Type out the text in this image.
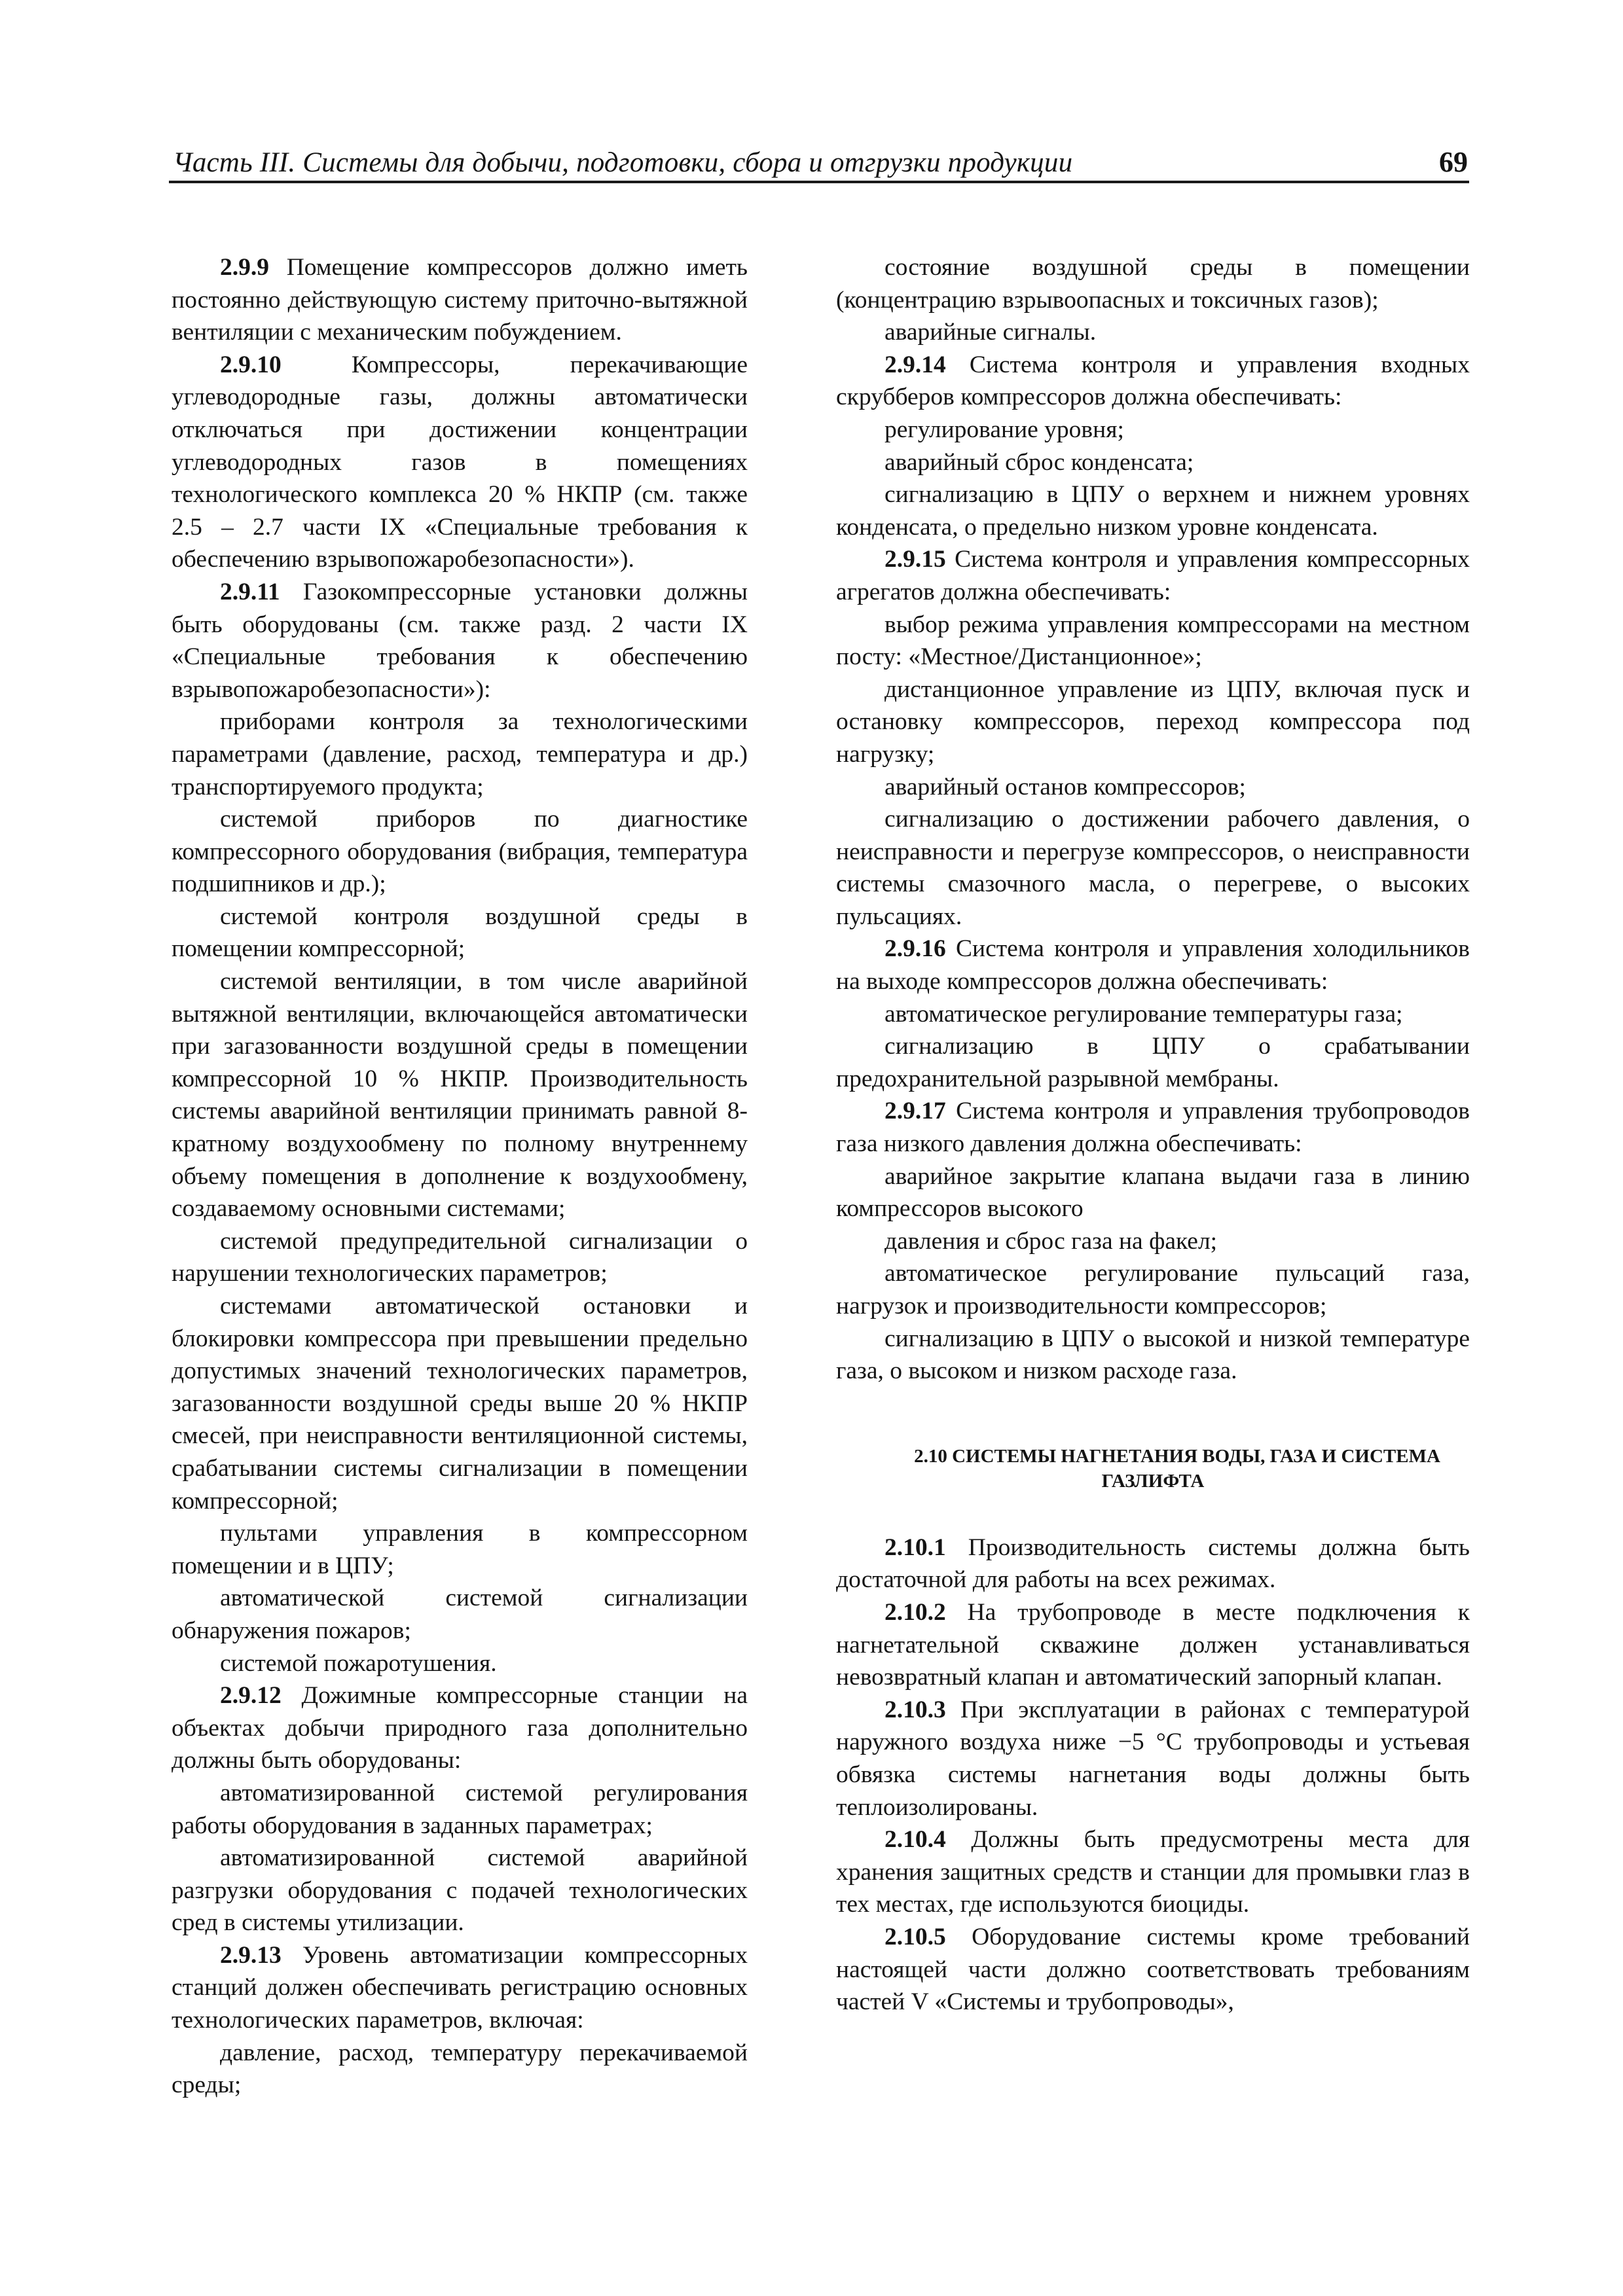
Часть III. Системы для добычи, подготовки, сбора и отгрузки продукции	69

2.9.9 Помещение компрессоров должно иметь постоянно действующую систему приточно-вытяжной вентиляции с механическим побуждением.

2.9.10 Компрессоры, перекачивающие углеводородные газы, должны автоматически отключаться при достижении концентрации углеводородных газов в помещениях технологического комплекса 20 % НКПР (см. также 2.5 – 2.7 части IX «Специальные требования к обеспечению взрывопожаробезопасности»).

2.9.11 Газокомпрессорные установки должны быть оборудованы (см. также разд. 2 части IX «Специальные требования к обеспечению взрывопожаробезопасности»):

приборами контроля за технологическими параметрами (давление, расход, температура и др.) транспортируемого продукта;

системой приборов по диагностике компрессорного оборудования (вибрация, температура подшипников и др.);

системой контроля воздушной среды в помещении компрессорной;

системой вентиляции, в том числе аварийной вытяжной вентиляции, включающейся автоматически при загазованности воздушной среды в помещении компрессорной 10 % НКПР. Производительность системы аварийной вентиляции принимать равной 8-кратному воздухообмену по полному внутреннему объему помещения в дополнение к воздухообмену, создаваемому основными системами;

системой предупредительной сигнализации о нарушении технологических параметров;

системами автоматической остановки и блокировки компрессора при превышении предельно допустимых значений технологических параметров, загазованности воздушной среды выше 20 % НКПР смесей, при неисправности вентиляционной системы, срабатывании системы сигнализации в помещении компрессорной;

пультами управления в компрессорном помещении и в ЦПУ;

автоматической системой сигнализации обнаружения пожаров;

системой пожаротушения.

2.9.12 Дожимные компрессорные станции на объектах добычи природного газа дополнительно должны быть оборудованы:

автоматизированной системой регулирования работы оборудования в заданных параметрах;

автоматизированной системой аварийной разгрузки оборудования с подачей технологических сред в системы утилизации.

2.9.13 Уровень автоматизации компрессорных станций должен обеспечивать регистрацию основных технологических параметров, включая:

давление, расход, температуру перекачиваемой среды;

состояние воздушной среды в помещении (концентрацию взрывоопасных и токсичных газов);

аварийные сигналы.

2.9.14 Система контроля и управления входных скрубберов компрессоров должна обеспечивать:

регулирование уровня;

аварийный сброс конденсата;

сигнализацию в ЦПУ о верхнем и нижнем уровнях конденсата, о предельно низком уровне конденсата.

2.9.15 Система контроля и управления компрессорных агрегатов должна обеспечивать:

выбор режима управления компрессорами на местном посту: «Местное/Дистанционное»;

дистанционное управление из ЦПУ, включая пуск и остановку компрессоров, переход компрессора под нагрузку;

аварийный останов компрессоров;

сигнализацию о достижении рабочего давления, о неисправности и перегрузе компрессоров, о неисправности системы смазочного масла, о перегреве, о высоких пульсациях.

2.9.16 Система контроля и управления холодильников на выходе компрессоров должна обеспечивать:

автоматическое регулирование температуры газа;

сигнализацию в ЦПУ о срабатывании предохранительной разрывной мембраны.

2.9.17 Система контроля и управления трубопроводов газа низкого давления должна обеспечивать:

аварийное закрытие клапана выдачи газа в линию компрессоров высокого

давления и сброс газа на факел;

автоматическое регулирование пульсаций газа, нагрузок и производительности компрессоров;

сигнализацию в ЦПУ о высокой и низкой температуре газа, о высоком и низком расходе газа.

2.10 СИСТЕМЫ НАГНЕТАНИЯ ВОДЫ, ГАЗА И СИСТЕМА ГАЗЛИФТА

2.10.1 Производительность системы должна быть достаточной для работы на всех режимах.

2.10.2 На трубопроводе в месте подключения к нагнетательной скважине должен устанавливаться невозвратный клапан и автоматический запорный клапан.

2.10.3 При эксплуатации в районах с температурой наружного воздуха ниже −5 °С трубопроводы и устьевая обвязка системы нагнетания воды должны быть теплоизолированы.

2.10.4 Должны быть предусмотрены места для хранения защитных средств и станции для промывки глаз в тех местах, где используются биоциды.

2.10.5 Оборудование системы кроме требований настоящей части должно соответствовать требованиям частей V «Системы и трубопроводы»,
